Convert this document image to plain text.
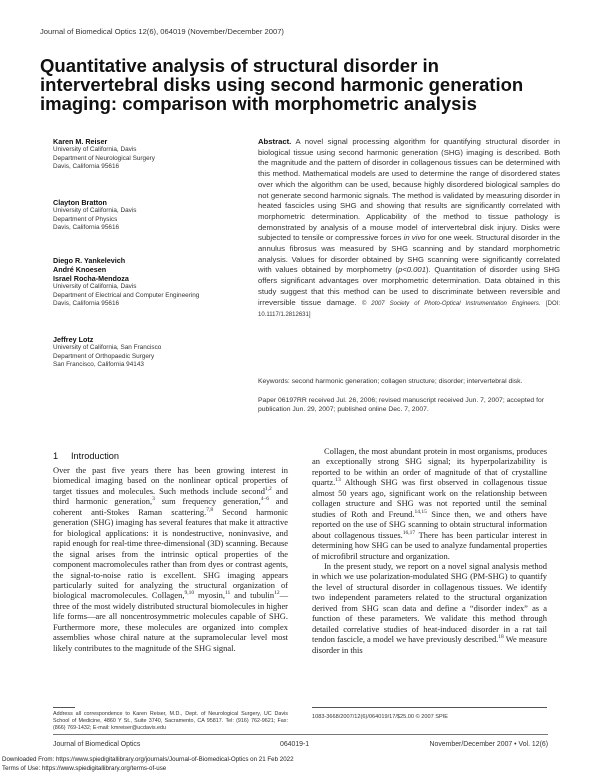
Journal of Biomedical Optics 12(6), 064019 (November/December 2007)
Quantitative analysis of structural disorder in intervertebral disks using second harmonic generation imaging: comparison with morphometric analysis
Karen M. Reiser
University of California, Davis
Department of Neurological Surgery
Davis, California 95616
Clayton Bratton
University of California, Davis
Department of Physics
Davis, California 95616
Diego R. Yankelevich
André Knoesen
Israel Rocha-Mendoza
University of California, Davis
Department of Electrical and Computer Engineering
Davis, California 95616
Jeffrey Lotz
University of California, San Francisco
Department of Orthopaedic Surgery
San Francisco, California 94143
Abstract. A novel signal processing algorithm for quantifying structural disorder in biological tissue using second harmonic generation (SHG) imaging is described. Both the magnitude and the pattern of disorder in collagenous tissues can be determined with this method. Mathematical models are used to determine the range of disordered states over which the algorithm can be used, because highly disordered biological samples do not generate second harmonic signals. The method is validated by measuring disorder in heated fascicles using SHG and showing that results are significantly correlated with morphometric determination. Applicability of the method to tissue pathology is demonstrated by analysis of a mouse model of intervertebral disk injury. Disks were subjected to tensile or compressive forces in vivo for one week. Structural disorder in the annulus fibrosus was measured by SHG scanning and by standard morphometric analysis. Values for disorder obtained by SHG scanning were significantly correlated with values obtained by morphometry (p<0.001). Quantitation of disorder using SHG offers significant advantages over morphometric determination. Data obtained in this study suggest that this method can be used to discriminate between reversible and irreversible tissue damage. © 2007 Society of Photo-Optical Instrumentation Engineers. [DOI: 10.1117/1.2812631]
Keywords: second harmonic generation; collagen structure; disorder; intervertebral disk.
Paper 06197RR received Jul. 26, 2006; revised manuscript received Jun. 7, 2007; accepted for publication Jun. 29, 2007; published online Dec. 7, 2007.
1 Introduction

Over the past five years there has been growing interest in biomedical imaging based on the nonlinear optical properties of target tissues and molecules. Such methods include second$^{1,2}$ and third harmonic generation,$^3$ sum frequency generation,$^{4-6}$ and coherent anti-Stokes Raman scattering.$^{7,8}$ Second harmonic generation (SHG) imaging has several features that make it attractive for biological applications: it is nondestructive, noninvasive, and rapid enough for real-time three-dimensional (3D) scanning. Because the signal arises from the intrinsic optical properties of the component macromolecules rather than from dyes or contrast agents, the signal-to-noise ratio is excellent. SHG imaging appears particularly suited for analyzing the structural organization of biological macromolecules. Collagen,$^{9,10}$ myosin,$^{11}$ and tubulin$^{12}$—three of the most widely distributed structural biomolecules in higher life forms—are all noncentrosymmetric molecules capable of SHG. Furthermore more, these molecules are organized into complex assemblies whose chiral nature at the supramolecular level most likely contributes to the magnitude of the SHG signal.

Collagen, the most abundant protein in most organisms, produces an exceptionally strong SHG signal; its hyperpolarizability is reported to be within an order of magnitude of that of crystalline quartz.$^{13}$ Although SHG was first observed in collagenous tissue almost 50 years ago, significant work on the relationship between collagen structure and SHG was not reported until the seminal studies of Roth and Freund.$^{14,15}$ Since then, we and others have reported on the use of SHG scanning to obtain structural information about collagenous tissues.$^{16,17}$ There has been particular interest in determining how SHG can be used to analyze fundamental properties of microfibril structure and organization.

In the present study, we report on a novel signal analysis method in which we use polarization-modulated SHG (PM-SHG) to quantify the level of structural disorder in collagenous tissues. We identify two independent parameters related to the structural organization derived from SHG scan data and define a “disorder index” as a function of these parameters. We validate this method through detailed correlative studies of heat-induced disorder in a rat tail tendon fascicle, a model we have previously described.$^{18}$ We measure disorder in this

Address all correspondence to Karen Reiser, M.D., Dept. of Neurological Surgery, UC Davis School of Medicine, 4860 Y St., Suite 3740, Sacramento, CA 95817. Tel: (916) 762-9621; Fax: (866) 769-1432; E-mail: kmreiser@ucdavis.edu
1083-3668/2007/12(6)/064019/17/$25.00 © 2007 SPIE
Journal of Biomedical Optics	064019-1	November/December 2007 • Vol. 12(6)
Downloaded From: https://www.spiedigitallibrary.org/journals/Journal-of-Biomedical-Optics on 21 Feb 2022
Terms of Use: https://www.spiedigitallibrary.org/terms-of-use
